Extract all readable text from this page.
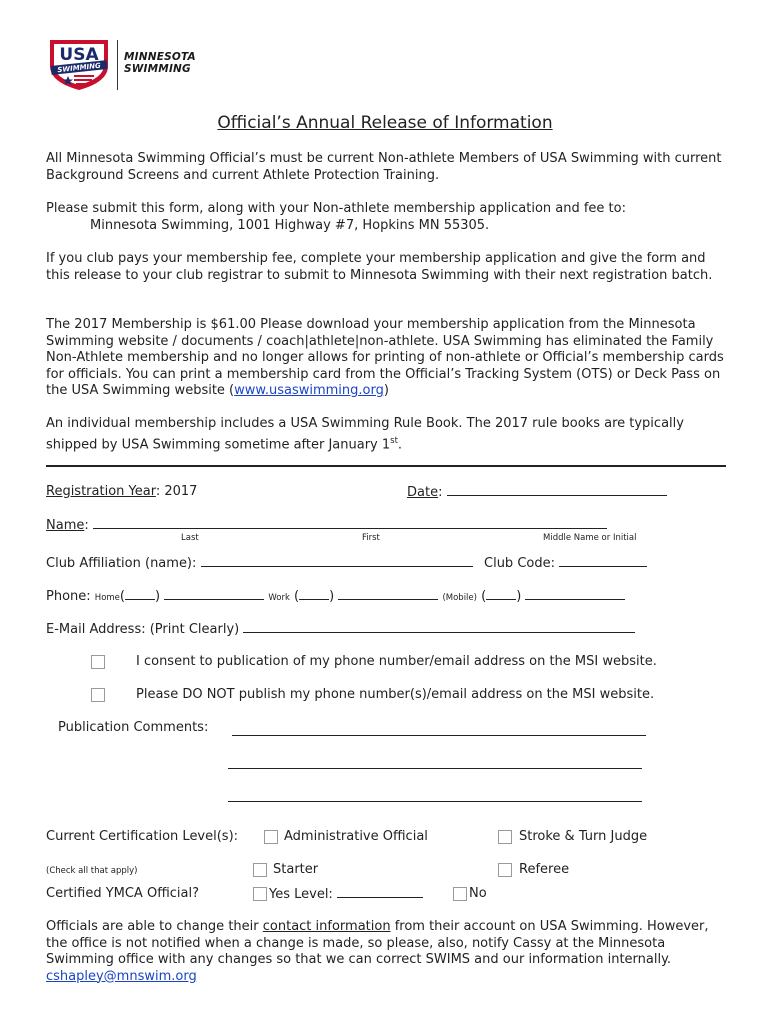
USA
SWIMMING
MINNESOTA
SWIMMING
Official’s Annual Release of Information

All Minnesota Swimming Official’s must be current Non-athlete Members of USA Swimming with current Background Screens and current Athlete Protection Training.

Please submit this form, along with your Non-athlete membership application and fee to:
Minnesota Swimming, 1001 Highway #7, Hopkins MN 55305.

If you club pays your membership fee, complete your membership application and give the form and this release to your club registrar to submit to Minnesota Swimming with their next registration batch.

The 2017 Membership is $61.00 Please download your membership application from the Minnesota Swimming website / documents / coach|athlete|non-athlete. USA Swimming has eliminated the Family Non-Athlete membership and no longer allows for printing of non-athlete or Official’s membership cards for officials. You can print a membership card from the Official’s Tracking System (OTS) or Deck Pass on the USA Swimming website (www.usaswimming.org)

An individual membership includes a USA Swimming Rule Book. The 2017 rule books are typically shipped by USA Swimming sometime after January 1st.

Registration Year: 2017	Date:
Name:
Last	First	Middle Name or Initial
Club Affiliation (name):	Club Code:
Phone: Home( )	Work ( )	(Mobile) ( )
E-Mail Address: (Print Clearly)
I consent to publication of my phone number/email address on the MSI website.
Please DO NOT publish my phone number(s)/email address on the MSI website.
Publication Comments:
Current Certification Level(s):	Administrative Official	Stroke & Turn Judge
(Check all that apply)	Starter	Referee
Certified YMCA Official?	Yes Level:	No

Officials are able to change their contact information from their account on USA Swimming. However, the office is not notified when a change is made, so please, also, notify Cassy at the Minnesota Swimming office with any changes so that we can correct SWIMS and our information internally. cshapley@mnswim.org
